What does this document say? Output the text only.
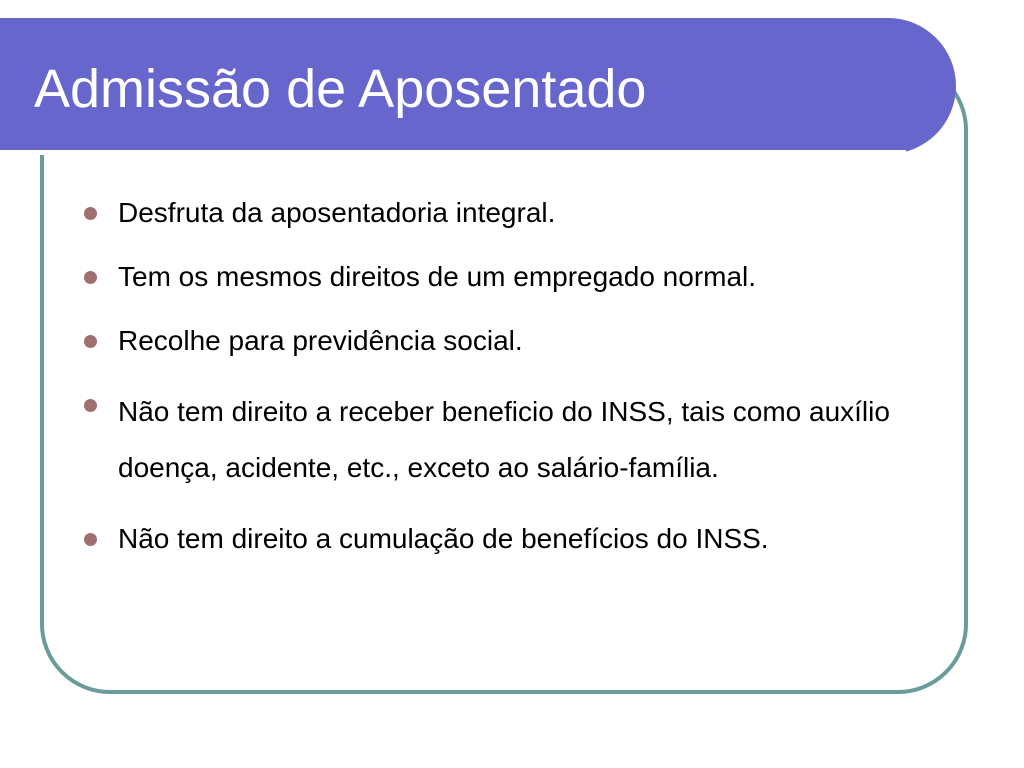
Admissão de Aposentado
Desfruta da aposentadoria integral.
Tem os mesmos direitos de um empregado normal.
Recolhe para previdência social.
Não tem direito a receber beneficio do INSS, tais como auxílio doença, acidente, etc., exceto ao salário-família.
Não tem direito a cumulação de benefícios do INSS.
